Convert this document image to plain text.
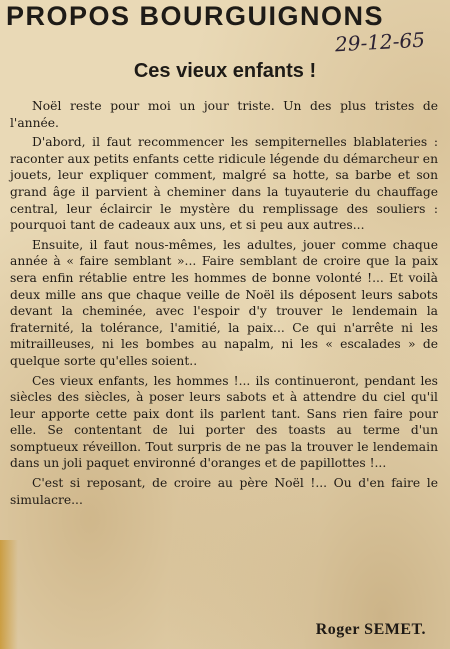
PROPOS BOURGUIGNONS
29-12-65
Ces vieux enfants !

Noël reste pour moi un jour triste. Un des plus tristes de l'année.

D'abord, il faut recommencer les sempiternelles blablateries : raconter aux petits enfants cette ridicule légende du démarcheur en jouets, leur expliquer comment, malgré sa hotte, sa barbe et son grand âge il parvient à cheminer dans la tuyauterie du chauffage central, leur éclaircir le mystère du remplissage des souliers : pourquoi tant de cadeaux aux uns, et si peu aux autres...

Ensuite, il faut nous-mêmes, les adultes, jouer comme chaque année à « faire semblant »... Faire semblant de croire que la paix sera enfin rétablie entre les hommes de bonne volonté !... Et voilà deux mille ans que chaque veille de Noël ils déposent leurs sabots devant la cheminée, avec l'espoir d'y trouver le lendemain la fraternité, la tolérance, l'amitié, la paix... Ce qui n'arrête ni les mitrailleuses, ni les bombes au napalm, ni les « escalades » de quelque sorte qu'elles soient..

Ces vieux enfants, les hommes !... ils continueront, pendant les siècles des siècles, à poser leurs sabots et à attendre du ciel qu'il leur apporte cette paix dont ils parlent tant. Sans rien faire pour elle. Se contentant de lui porter des toasts au terme d'un somptueux réveillon. Tout surpris de ne pas la trouver le lendemain dans un joli paquet environné d'oranges et de papillottes !...

C'est si reposant, de croire au père Noël !... Ou d'en faire le simulacre...

Roger SEMET.
